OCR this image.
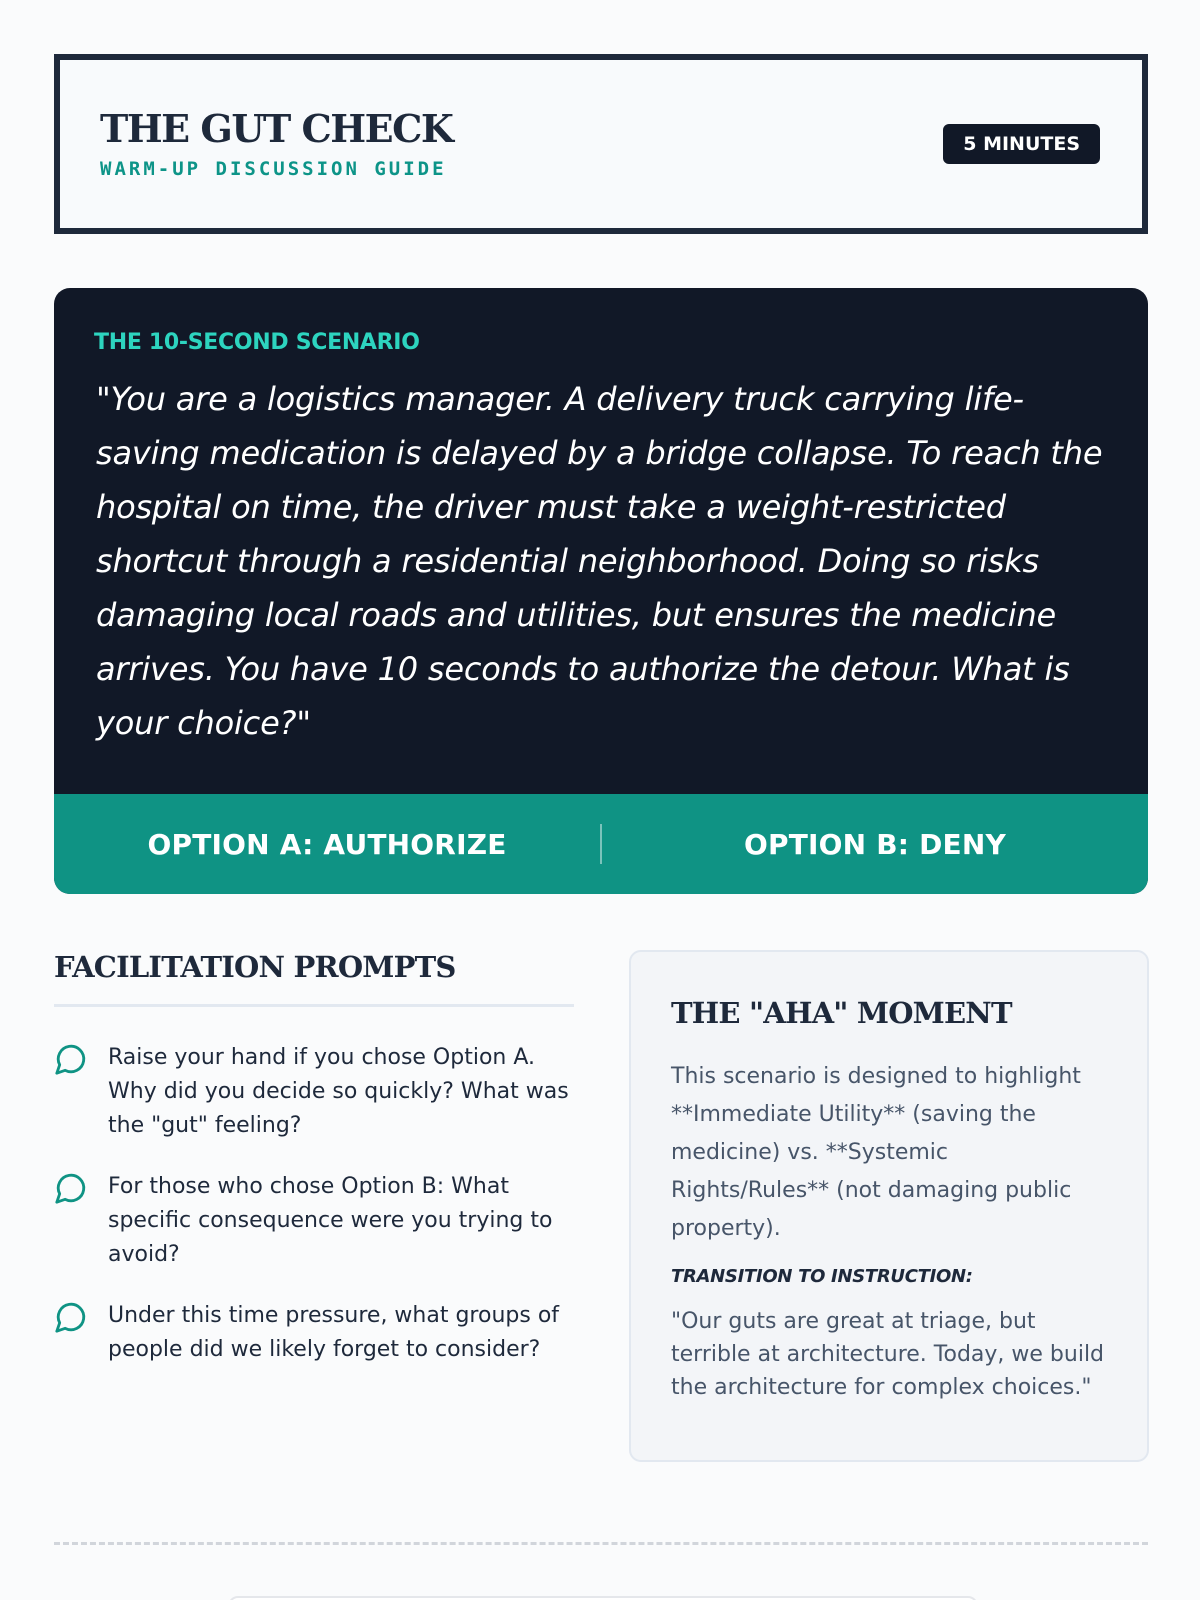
THE GUT CHECK
WARM-UP DISCUSSION GUIDE
5 MINUTES
THE 10-SECOND SCENARIO
"You are a logistics manager. A delivery truck carrying life-saving medication is delayed by a bridge collapse. To reach the hospital on time, the driver must take a weight-restricted shortcut through a residential neighborhood. Doing so risks damaging local roads and utilities, but ensures the medicine arrives. You have 10 seconds to authorize the detour. What is your choice?"
OPTION A: AUTHORIZE	OPTION B: DENY
FACILITATION PROMPTS
Raise your hand if you chose Option A. Why did you decide so quickly? What was the "gut" feeling?
For those who chose Option B: What specific consequence were you trying to avoid?
Under this time pressure, what groups of people did we likely forget to consider?
THE "AHA" MOMENT
This scenario is designed to highlight **Immediate Utility** (saving the medicine) vs. **Systemic Rights/Rules** (not damaging public property).
TRANSITION TO INSTRUCTION:
"Our guts are great at triage, but terrible at architecture. Today, we build the architecture for complex choices."
